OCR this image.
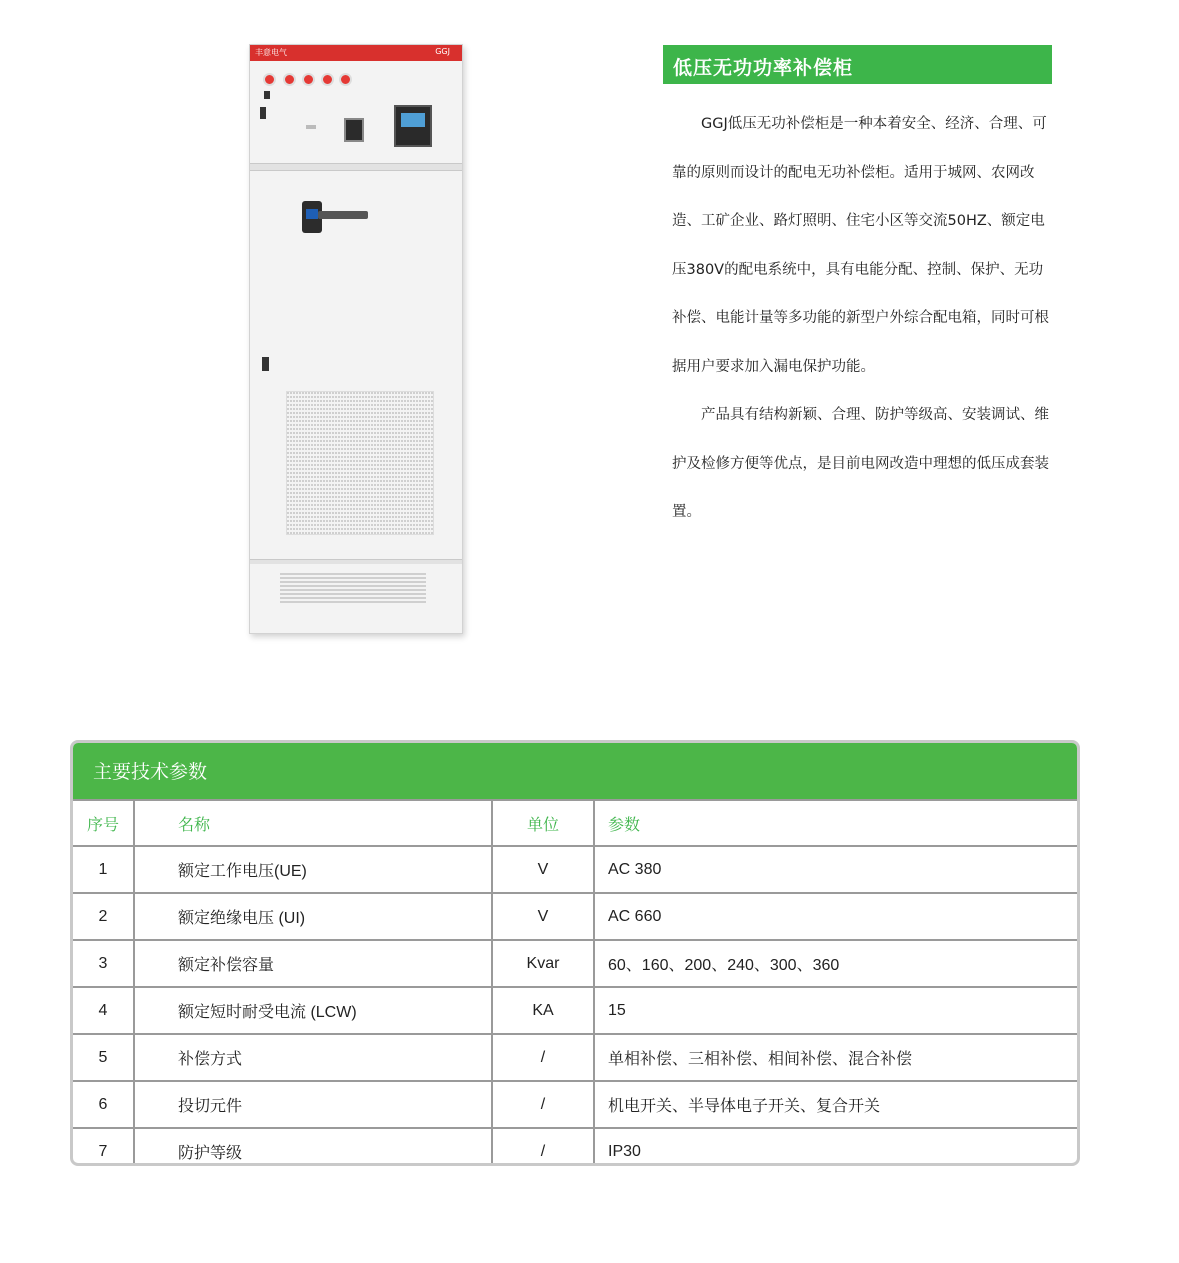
丰意电气	GGJ
低压无功功率补偿柜

GGJ低压无功补偿柜是一种本着安全、经济、合理、可靠的原则而设计的配电无功补偿柜。适用于城网、农网改造、工矿企业、路灯照明、住宅小区等交流50HZ、额定电压380V的配电系统中，具有电能分配、控制、保护、无功补偿、电能计量等多功能的新型户外综合配电箱，同时可根据用户要求加入漏电保护功能。

产品具有结构新颖、合理、防护等级高、安装调试、维护及检修方便等优点，是目前电网改造中理想的低压成套装置。

主要技术参数
序号	名称	单位	参数
1	额定工作电压(UE)	V	AC 380
2	额定绝缘电压 (UI)	V	AC 660
3	额定补偿容量	Kvar	60、160、200、240、300、360
4	额定短时耐受电流 (LCW)	KA	15
5	补偿方式	/	单相补偿、三相补偿、相间补偿、混合补偿
6	投切元件	/	机电开关、半导体电子开关、复合开关
7	防护等级	/	IP30
